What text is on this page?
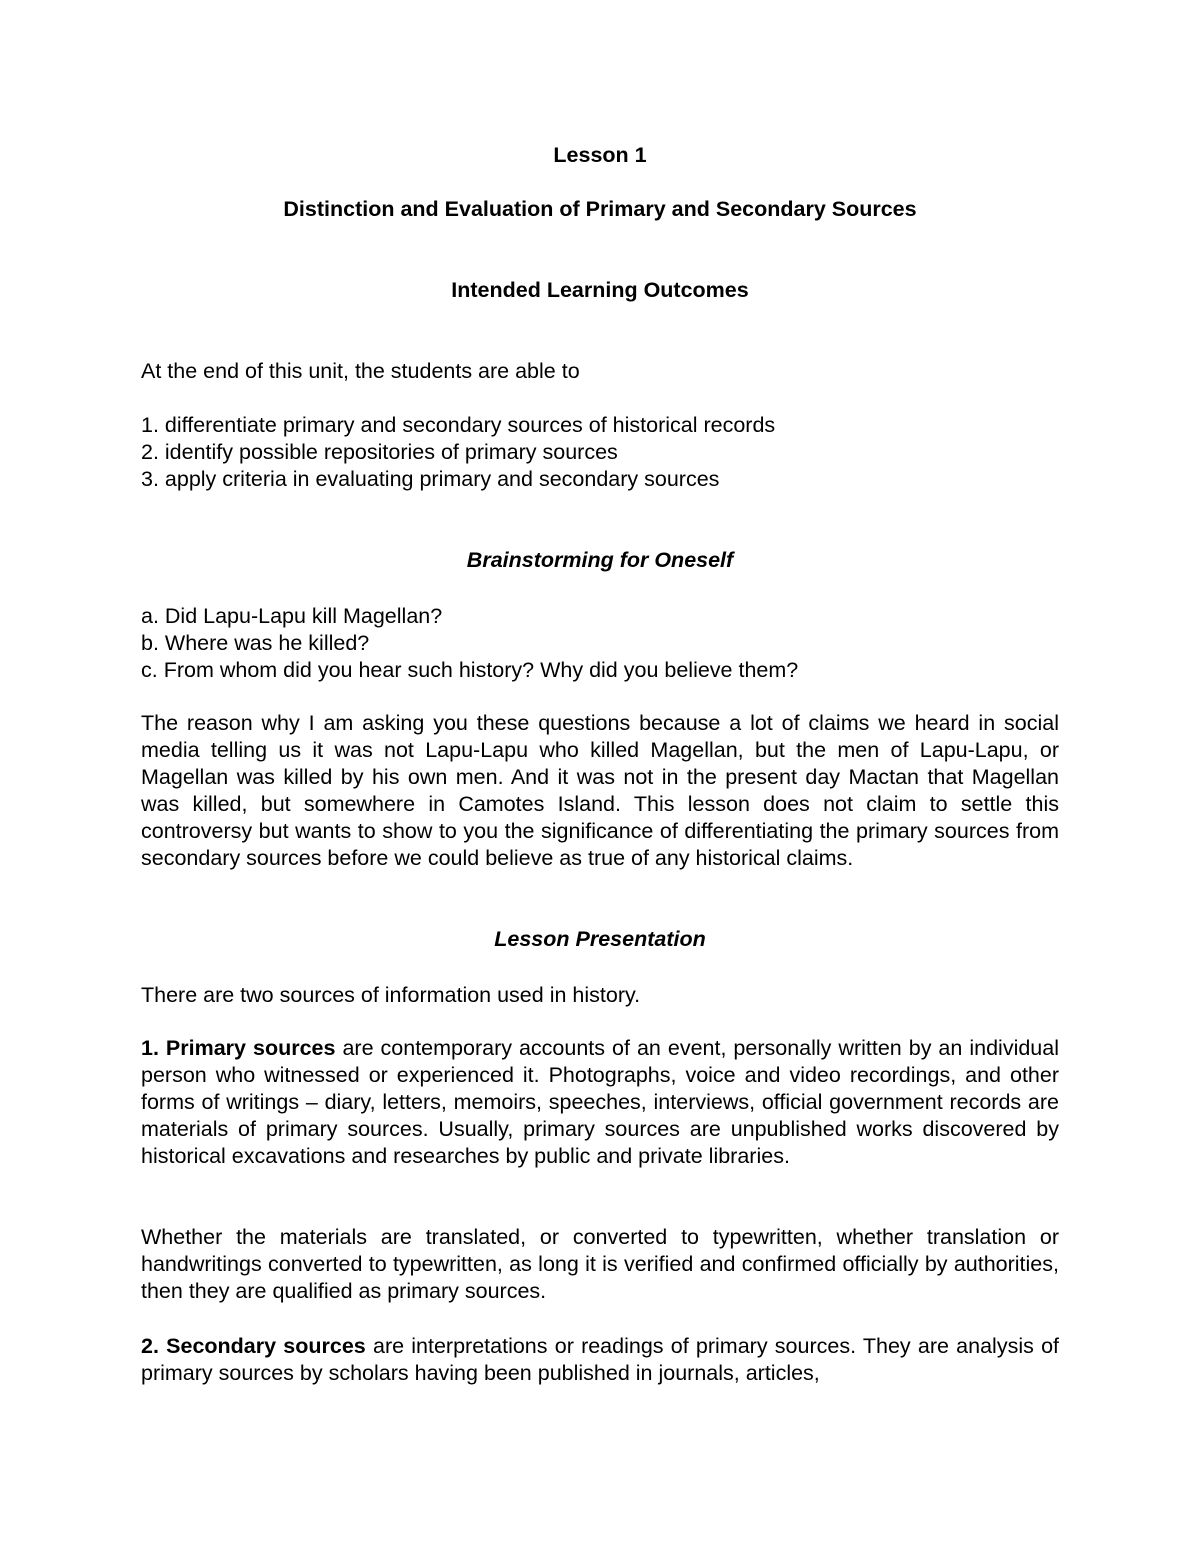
Lesson 1

Distinction and Evaluation of Primary and Secondary Sources

Intended Learning Outcomes

At the end of this unit, the students are able to

1. differentiate primary and secondary sources of historical records
2. identify possible repositories of primary sources
3. apply criteria in evaluating primary and secondary sources

Brainstorming for Oneself

a. Did Lapu-Lapu kill Magellan?
b. Where was he killed?
c. From whom did you hear such history? Why did you believe them?

The reason why I am asking you these questions because a lot of claims we heard in social media telling us it was not Lapu-Lapu who killed Magellan, but the men of Lapu-Lapu, or Magellan was killed by his own men. And it was not in the present day Mactan that Magellan was killed, but somewhere in Camotes Island. This lesson does not claim to settle this controversy but wants to show to you the significance of differentiating the primary sources from secondary sources before we could believe as true of any historical claims.

Lesson Presentation

There are two sources of information used in history.

1. Primary sources are contemporary accounts of an event, personally written by an individual person who witnessed or experienced it. Photographs, voice and video recordings, and other forms of writings – diary, letters, memoirs, speeches, interviews, official government records are materials of primary sources. Usually, primary sources are unpublished works discovered by historical excavations and researches by public and private libraries.

Whether the materials are translated, or converted to typewritten, whether translation or handwritings converted to typewritten, as long it is verified and confirmed officially by authorities, then they are qualified as primary sources.

2. Secondary sources are interpretations or readings of primary sources. They are analysis of primary sources by scholars having been published in journals, articles,
